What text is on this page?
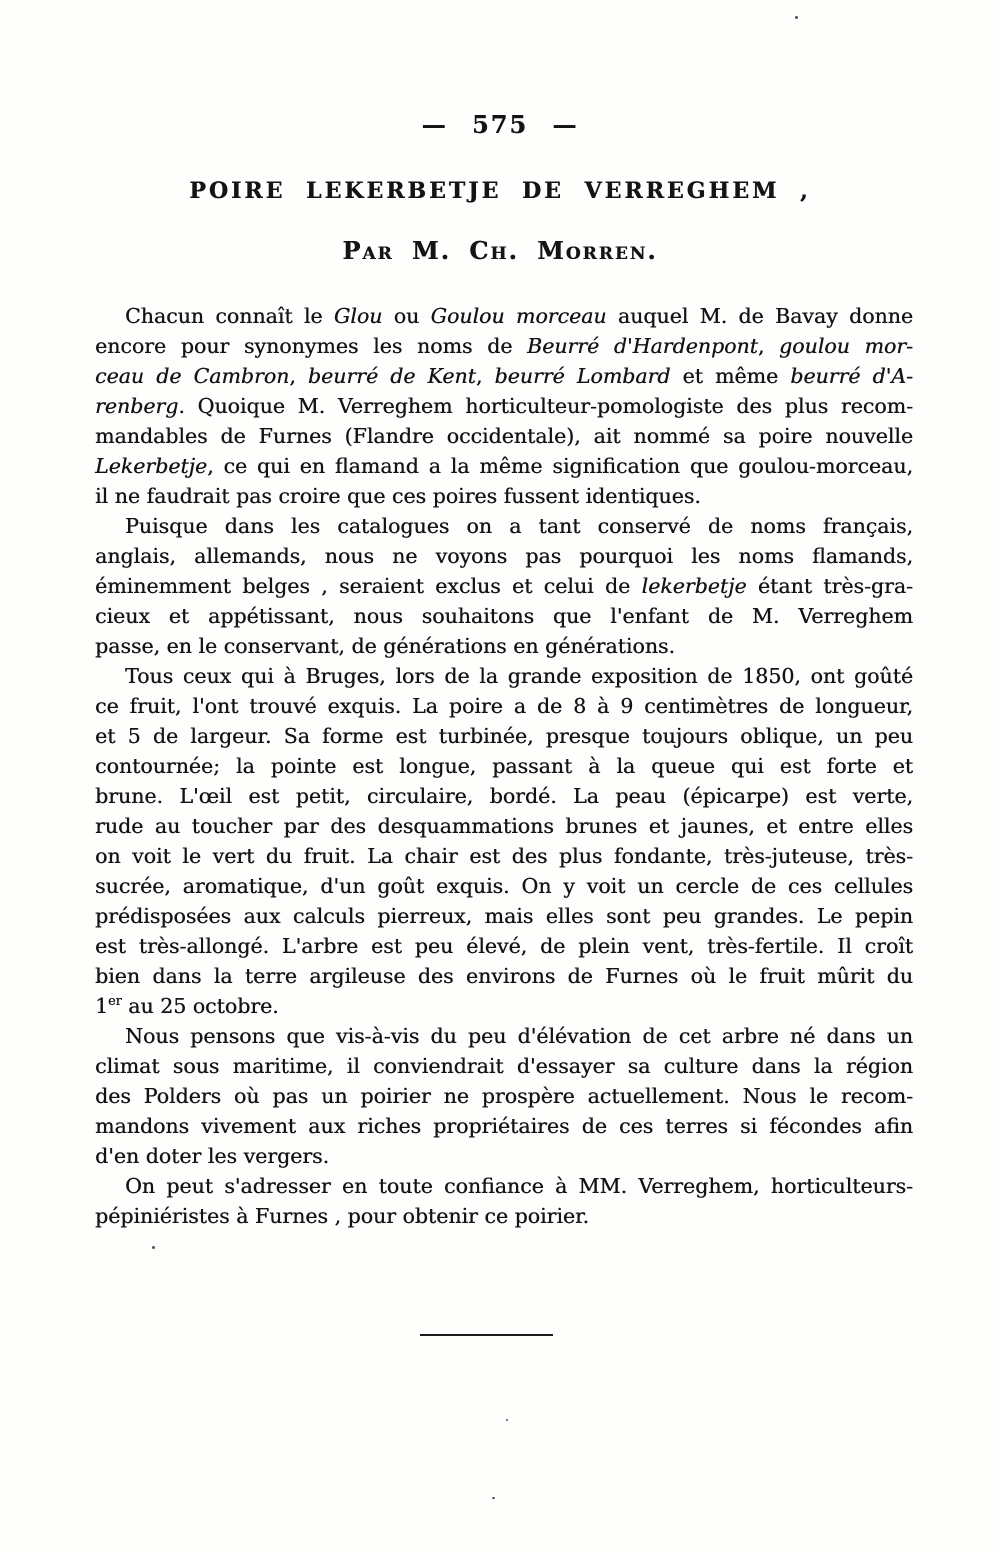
— 575 —
POIRE LEKERBETJE DE VERREGHEM ,
Par M. Ch. Morren.
Chacun connaît le Glou ou Goulou morceau auquel M. de Bavay donne
encore pour synonymes les noms de Beurré d'Hardenpont, goulou mor-
ceau de Cambron, beurré de Kent, beurré Lombard et même beurré d'A-
renberg. Quoique M. Verreghem horticulteur-pomologiste des plus recom-
mandables de Furnes (Flandre occidentale), ait nommé sa poire nouvelle
Lekerbetje, ce qui en flamand a la même signification que goulou-morceau,
il ne faudrait pas croire que ces poires fussent identiques.
Puisque dans les catalogues on a tant conservé de noms français,
anglais, allemands, nous ne voyons pas pourquoi les noms flamands,
éminemment belges , seraient exclus et celui de lekerbetje étant très-gra-
cieux et appétissant, nous souhaitons que l'enfant de M. Verreghem
passe, en le conservant, de générations en générations.
Tous ceux qui à Bruges, lors de la grande exposition de 1850, ont goûté
ce fruit, l'ont trouvé exquis. La poire a de 8 à 9 centimètres de longueur,
et 5 de largeur. Sa forme est turbinée, presque toujours oblique, un peu
contournée; la pointe est longue, passant à la queue qui est forte et
brune. L'œil est petit, circulaire, bordé. La peau (épicarpe) est verte,
rude au toucher par des desquammations brunes et jaunes, et entre elles
on voit le vert du fruit. La chair est des plus fondante, très-juteuse, très-
sucrée, aromatique, d'un goût exquis. On y voit un cercle de ces cellules
prédisposées aux calculs pierreux, mais elles sont peu grandes. Le pepin
est très-allongé. L'arbre est peu élevé, de plein vent, très-fertile. Il croît
bien dans la terre argileuse des environs de Furnes où le fruit mûrit du
1er au 25 octobre.
Nous pensons que vis-à-vis du peu d'élévation de cet arbre né dans un
climat sous maritime, il conviendrait d'essayer sa culture dans la région
des Polders où pas un poirier ne prospère actuellement. Nous le recom-
mandons vivement aux riches propriétaires de ces terres si fécondes afin
d'en doter les vergers.
On peut s'adresser en toute confiance à MM. Verreghem, horticulteurs-
pépiniéristes à Furnes , pour obtenir ce poirier.
